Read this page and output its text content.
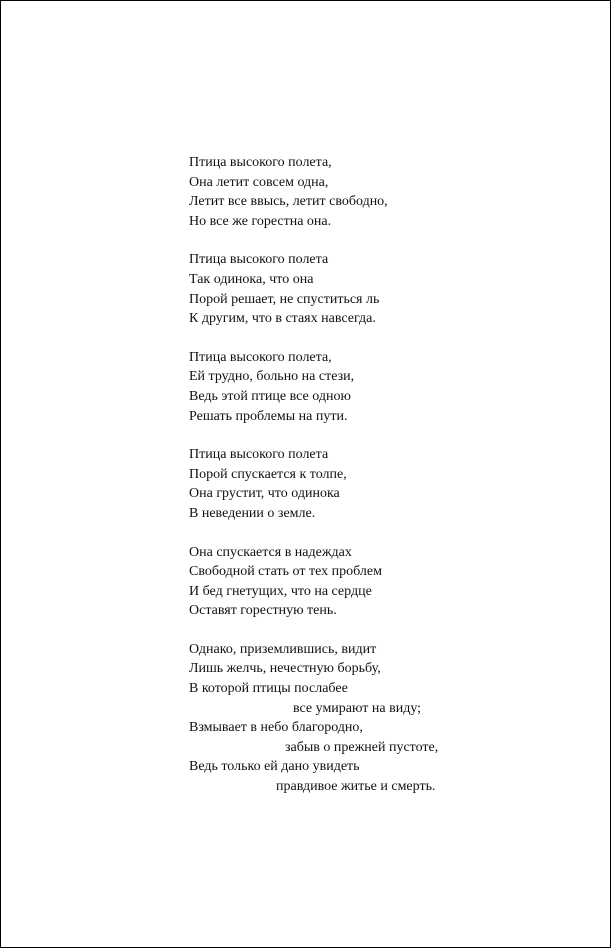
Птица высокого полета,
Она летит совсем одна,
Летит все ввысь, летит свободно,
Но все же горестна она.
Птица высокого полета
Так одинока, что она
Порой решает, не спуститься ль
К другим, что в стаях навсегда.
Птица высокого полета,
Ей трудно, больно на стези,
Ведь этой птице все одною
Решать проблемы на пути.
Птица высокого полета
Порой спускается к толпе,
Она грустит, что одинока
В неведении о земле.
Она спускается в надеждах
Свободной стать от тех проблем
И бед гнетущих, что на сердце
Оставят горестную тень.
Однако, приземлившись, видит
Лишь желчь, нечестную борьбу,
В которой птицы послабее
все умирают на виду;
Взмывает в небо благородно,
забыв о прежней пустоте,
Ведь только ей дано увидеть
правдивое житье и смерть.
